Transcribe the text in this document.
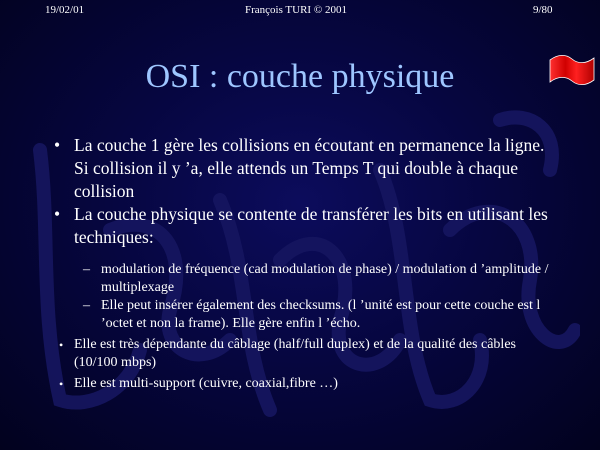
19/02/01	François TURI © 2001	9/80
OSI : couche physique
• La couche 1 gère les collisions en écoutant en permanence la ligne. Si collision il y ’a, elle attends un Temps T qui double à chaque collision
• La couche physique se contente de transférer les bits en utilisant les techniques:
– modulation de fréquence (cad modulation de phase) / modulation d ’amplitude / multiplexage
– Elle peut insérer également des checksums. (l ’unité est pour cette couche est l ’octet et non la frame). Elle gère enfin l ’écho.
• Elle est très dépendante du câblage (half/full duplex) et de la qualité des câbles (10/100 mbps)
• Elle est multi-support (cuivre, coaxial,fibre …)
